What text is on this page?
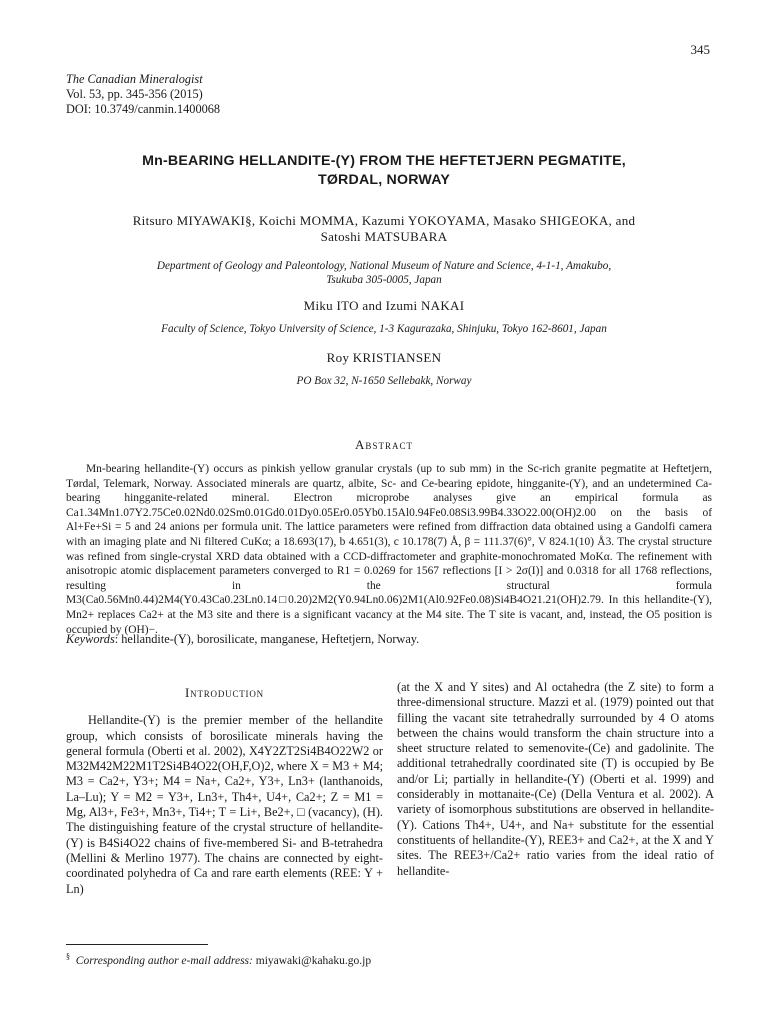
345
The Canadian Mineralogist
Vol. 53, pp. 345-356 (2015)
DOI: 10.3749/canmin.1400068
Mn-BEARING HELLANDITE-(Y) FROM THE HEFTETJERN PEGMATITE,
TØRDAL, NORWAY
Ritsuro MIYAWAKI§, Koichi MOMMA, Kazumi YOKOYAMA, Masako SHIGEOKA, and
Satoshi MATSUBARA
Department of Geology and Paleontology, National Museum of Nature and Science, 4-1-1, Amakubo,
Tsukuba 305-0005, Japan
Miku ITO and Izumi NAKAI
Faculty of Science, Tokyo University of Science, 1-3 Kagurazaka, Shinjuku, Tokyo 162-8601, Japan
Roy KRISTIANSEN
PO Box 32, N-1650 Sellebakk, Norway
Abstract
Mn-bearing hellandite-(Y) occurs as pinkish yellow granular crystals (up to sub mm) in the Sc-rich granite pegmatite at Heftetjern, Tørdal, Telemark, Norway. Associated minerals are quartz, albite, Sc- and Ce-bearing epidote, hingganite-(Y), and an undetermined Ca-bearing hingganite-related mineral. Electron microprobe analyses give an empirical formula as Ca1.34Mn1.07Y2.75Ce0.02Nd0.02Sm0.01Gd0.01Dy0.05Er0.05Yb0.15Al0.94Fe0.08Si3.99B4.33O22.00(OH)2.00 on the basis of Al+Fe+Si = 5 and 24 anions per formula unit. The lattice parameters were refined from diffraction data obtained using a Gandolfi camera with an imaging plate and Ni filtered CuKα; a 18.693(17), b 4.651(3), c 10.178(7) Å, β = 111.37(6)°, V 824.1(10) Å3. The crystal structure was refined from single-crystal XRD data obtained with a CCD-diffractometer and graphite-monochromated MoKα. The refinement with anisotropic atomic displacement parameters converged to R1 = 0.0269 for 1567 reflections [I > 2σ(I)] and 0.0318 for all 1768 reflections, resulting in the structural formula M3(Ca0.56Mn0.44)2M4(Y0.43Ca0.23Ln0.14□0.20)2M2(Y0.94Ln0.06)2M1(Al0.92Fe0.08)Si4B4O21.21(OH)2.79. In this hellandite-(Y), Mn2+ replaces Ca2+ at the M3 site and there is a significant vacancy at the M4 site. The T site is vacant, and, instead, the O5 position is occupied by (OH)−.
Keywords: hellandite-(Y), borosilicate, manganese, Heftetjern, Norway.
Introduction

Hellandite-(Y) is the premier member of the hellandite group, which consists of borosilicate minerals having the general formula (Oberti et al. 2002), X4Y2ZT2Si4B4O22W2 or M32M42M22M1T2Si4B4O22(OH,F,O)2, where X = M3 + M4; M3 = Ca2+, Y3+; M4 = Na+, Ca2+, Y3+, Ln3+ (lanthanoids, La–Lu); Y = M2 = Y3+, Ln3+, Th4+, U4+, Ca2+; Z = M1 = Mg, Al3+, Fe3+, Mn3+, Ti4+; T = Li+, Be2+, □ (vacancy), (H). The distinguishing feature of the crystal structure of hellandite-(Y) is B4Si4O22 chains of five-membered Si- and B-tetrahedra (Mellini & Merlino 1977). The chains are connected by eight-coordinated polyhedra of Ca and rare earth elements (REE: Y + Ln)

(at the X and Y sites) and Al octahedra (the Z site) to form a three-dimensional structure. Mazzi et al. (1979) pointed out that filling the vacant site tetrahedrally surrounded by 4 O atoms between the chains would transform the chain structure into a sheet structure related to semenovite-(Ce) and gadolinite. The additional tetrahedrally coordinated site (T) is occupied by Be and/or Li; partially in hellandite-(Y) (Oberti et al. 1999) and considerably in mottanaite-(Ce) (Della Ventura et al. 2002). A variety of isomorphous substitutions are observed in hellandite-(Y). Cations Th4+, U4+, and Na+ substitute for the essential constituents of hellandite-(Y), REE3+ and Ca2+, at the X and Y sites. The REE3+/Ca2+ ratio varies from the ideal ratio of hellandite-

§ Corresponding author e-mail address: miyawaki@kahaku.go.jp
